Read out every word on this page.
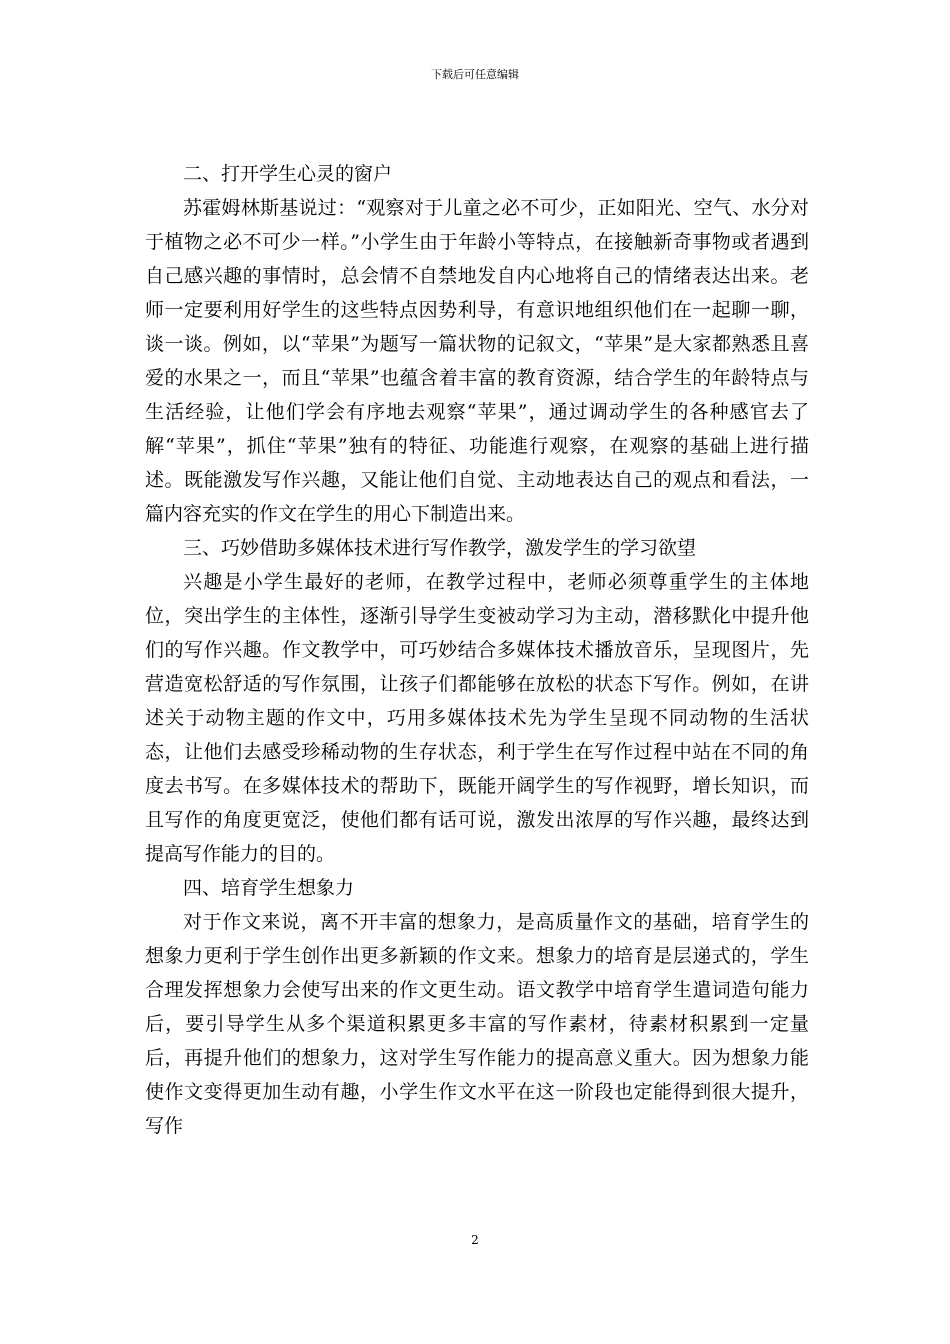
下载后可任意编辑
二、打开学生心灵的窗户
苏霍姆林斯基说过：“观察对于儿童之必不可少，正如阳光、空气、水分对于植物之必不可少一样。”小学生由于年龄小等特点，在接触新奇事物或者遇到自己感兴趣的事情时，总会情不自禁地发自内心地将自己的情绪表达出来。老师一定要利用好学生的这些特点因势利导，有意识地组织他们在一起聊一聊，谈一谈。例如，以“苹果”为题写一篇状物的记叙文，“苹果”是大家都熟悉且喜爱的水果之一，而且“苹果”也蕴含着丰富的教育资源，结合学生的年龄特点与生活经验，让他们学会有序地去观察“苹果”，通过调动学生的各种感官去了解“苹果”，抓住“苹果”独有的特征、功能進行观察，在观察的基础上进行描述。既能激发写作兴趣，又能让他们自觉、主动地表达自己的观点和看法，一篇内容充实的作文在学生的用心下制造出来。
三、巧妙借助多媒体技术进行写作教学，激发学生的学习欲望
兴趣是小学生最好的老师，在教学过程中，老师必须尊重学生的主体地位，突出学生的主体性，逐渐引导学生变被动学习为主动，潜移默化中提升他们的写作兴趣。作文教学中，可巧妙结合多媒体技术播放音乐，呈现图片，先营造宽松舒适的写作氛围，让孩子们都能够在放松的状态下写作。例如，在讲述关于动物主题的作文中，巧用多媒体技术先为学生呈现不同动物的生活状态，让他们去感受珍稀动物的生存状态，利于学生在写作过程中站在不同的角度去书写。在多媒体技术的帮助下，既能开阔学生的写作视野，增长知识，而且写作的角度更宽泛，使他们都有话可说，激发出浓厚的写作兴趣，最终达到提高写作能力的目的。
四、培育学生想象力
对于作文来说，离不开丰富的想象力，是高质量作文的基础，培育学生的想象力更利于学生创作出更多新颖的作文来。想象力的培育是层递式的，学生合理发挥想象力会使写出来的作文更生动。语文教学中培育学生遣词造句能力后，要引导学生从多个渠道积累更多丰富的写作素材，待素材积累到一定量后，再提升他们的想象力，这对学生写作能力的提高意义重大。因为想象力能使作文变得更加生动有趣，小学生作文水平在这一阶段也定能得到很大提升，写作
2
